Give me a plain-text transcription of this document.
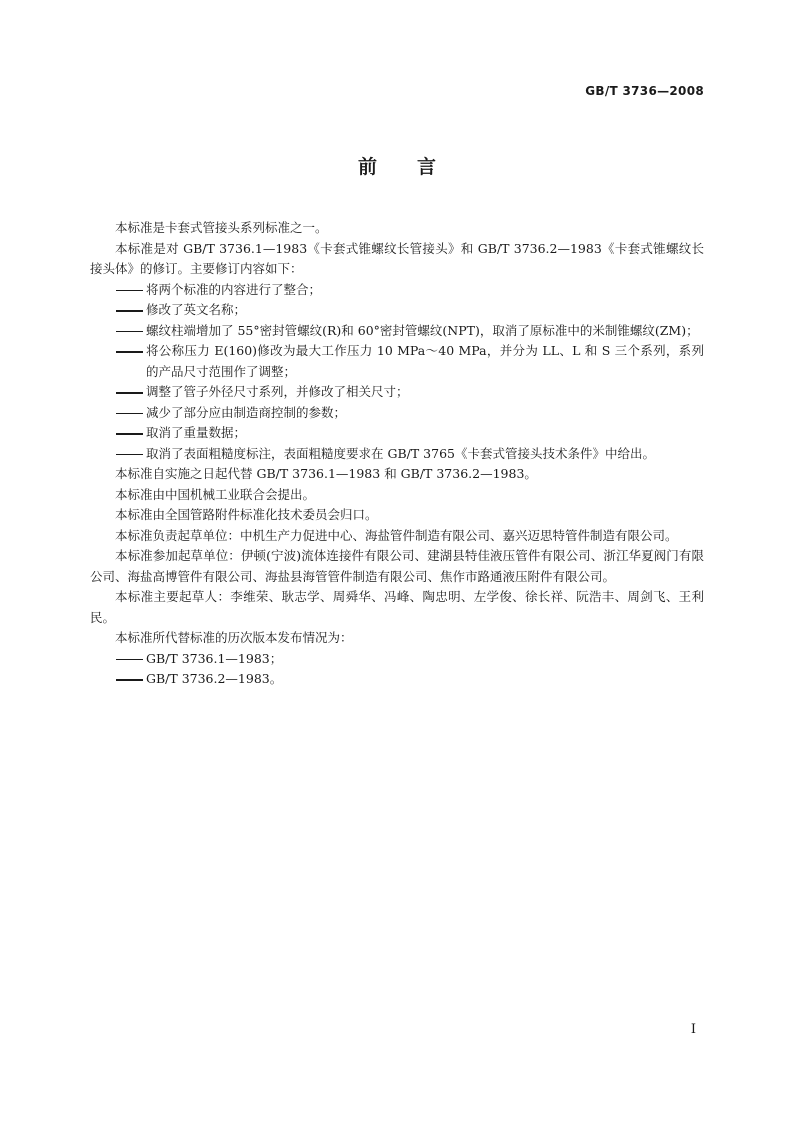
GB/T 3736—2008
前言

本标准是卡套式管接头系列标准之一。

本标准是对 GB/T 3736.1—1983《卡套式锥螺纹长管接头》和 GB/T 3736.2—1983《卡套式锥螺纹长接头体》的修订。主要修订内容如下：

将两个标准的内容进行了整合；

修改了英文名称；

螺纹柱端增加了 55°密封管螺纹(R)和 60°密封管螺纹(NPT)，取消了原标准中的米制锥螺纹(ZM)；

将公称压力 E(160)修改为最大工作压力 10 MPa～40 MPa，并分为 LL、L 和 S 三个系列，系列的产品尺寸范围作了调整；

调整了管子外径尺寸系列，并修改了相关尺寸；

减少了部分应由制造商控制的参数；

取消了重量数据；

取消了表面粗糙度标注，表面粗糙度要求在 GB/T 3765《卡套式管接头技术条件》中给出。

本标准自实施之日起代替 GB/T 3736.1—1983 和 GB/T 3736.2—1983。

本标准由中国机械工业联合会提出。

本标准由全国管路附件标准化技术委员会归口。

本标准负责起草单位：中机生产力促进中心、海盐管件制造有限公司、嘉兴迈思特管件制造有限公司。

本标准参加起草单位：伊顿(宁波)流体连接件有限公司、建湖县特佳液压管件有限公司、浙江华夏阀门有限公司、海盐高博管件有限公司、海盐县海管管件制造有限公司、焦作市路通液压附件有限公司。

本标准主要起草人：李维荣、耿志学、周舜华、冯峰、陶忠明、左学俊、徐长祥、阮浩丰、周剑飞、王利民。

本标准所代替标准的历次版本发布情况为：

GB/T 3736.1—1983；

GB/T 3736.2—1983。

I
